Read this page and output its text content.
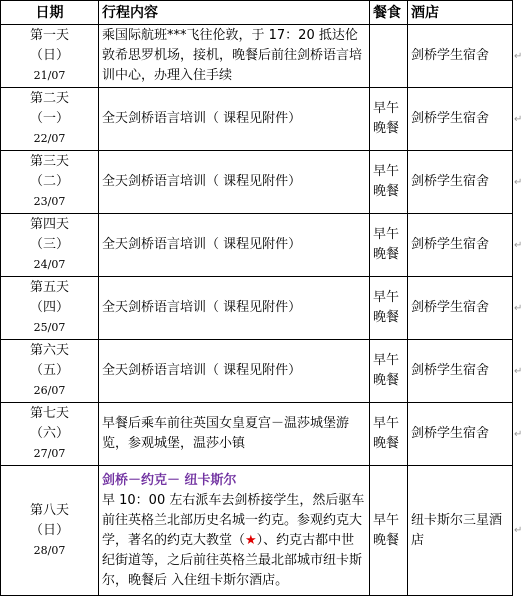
日期	行程内容	餐食	酒店	

第一天
（日）
21/07	乘国际航班***飞往伦敦，于 17：20 抵达伦敦希思罗机场，接机，晚餐后前往剑桥语言培训中心，办理入住手续		剑桥学生宿舍	↵

第二天
（一）
22/07	全天剑桥语言培训（ 课程见附件）	早午
晚餐	剑桥学生宿舍	↵

第三天
（二）
23/07	全天剑桥语言培训（ 课程见附件）	早午
晚餐	剑桥学生宿舍	↵

第四天
（三）
24/07	全天剑桥语言培训（ 课程见附件）	早午
晚餐	剑桥学生宿舍	↵

第五天
（四）
25/07	全天剑桥语言培训（ 课程见附件）	早午
晚餐	剑桥学生宿舍	↵

第六天
（五）
26/07	全天剑桥语言培训（ 课程见附件）	早午
晚餐	剑桥学生宿舍	↵

第七天
（六）
27/07	早餐后乘车前往英国女皇夏宫－温莎城堡游览，参观城堡，温莎小镇	早午
晚餐	剑桥学生宿舍	↵

第八天
（日）
28/07	剑桥－约克－ 纽卡斯尔
早 10：00 左右派车去剑桥接学生，然后驱车前往英格兰北部历史名城一约克。参观约克大学，著名的约克大教堂（★）、约克古都中世纪街道等，之后前往英格兰最北部城市纽卡斯尔，晚餐后 入住纽卡斯尔酒店。	早午
晚餐	纽卡斯尔三星酒店	↵
